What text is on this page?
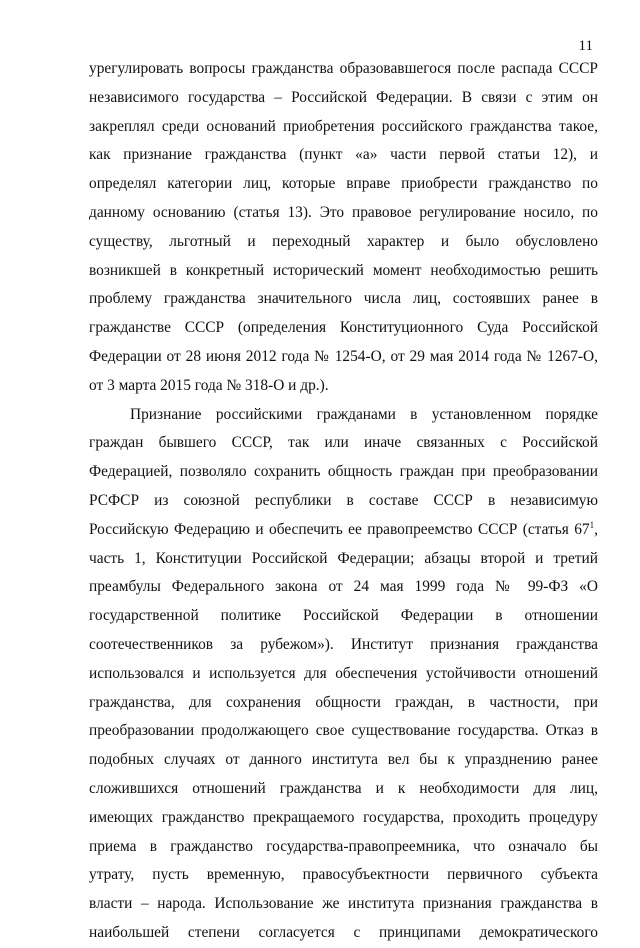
11
урегулировать вопросы гражданства образовавшегося после распада СССР
независимого государства – Российской Федерации. В связи с этим он
закреплял среди оснований приобретения российского гражданства такое,
как признание гражданства (пункт «а» части первой статьи 12), и
определял категории лиц, которые вправе приобрести гражданство по
данному основанию (статья 13). Это правовое регулирование носило, по
существу, льготный и переходный характер и было обусловлено
возникшей в конкретный исторический момент необходимостью решить
проблему гражданства значительного числа лиц, состоявших ранее в
гражданстве СССР (определения Конституционного Суда Российской
Федерации от 28 июня 2012 года № 1254-О, от 29 мая 2014 года № 1267-О,
от 3 марта 2015 года № 318-О и др.).
Признание российскими гражданами в установленном порядке
граждан бывшего СССР, так или иначе связанных с Российской
Федерацией, позволяло сохранить общность граждан при преобразовании
РСФСР из союзной республики в составе СССР в независимую
Российскую Федерацию и обеспечить ее правопреемство СССР (статья $67^1$,
часть 1, Конституции Российской Федерации; абзацы второй и третий
преамбулы Федерального закона от 24 мая 1999 года № 99-ФЗ «О
государственной политике Российской Федерации в отношении
соотечественников за рубежом»). Институт признания гражданства
использовался и используется для обеспечения устойчивости отношений
гражданства, для сохранения общности граждан, в частности, при
преобразовании продолжающего свое существование государства. Отказ в
подобных случаях от данного института вел бы к упразднению ранее
сложившихся отношений гражданства и к необходимости для лиц,
имеющих гражданство прекращаемого государства, проходить процедуру
приема в гражданство государства-правопреемника, что означало бы
утрату, пусть временную, правосубъектности первичного субъекта
власти – народа. Использование же института признания гражданства в
наибольшей степени согласуется с принципами демократического
